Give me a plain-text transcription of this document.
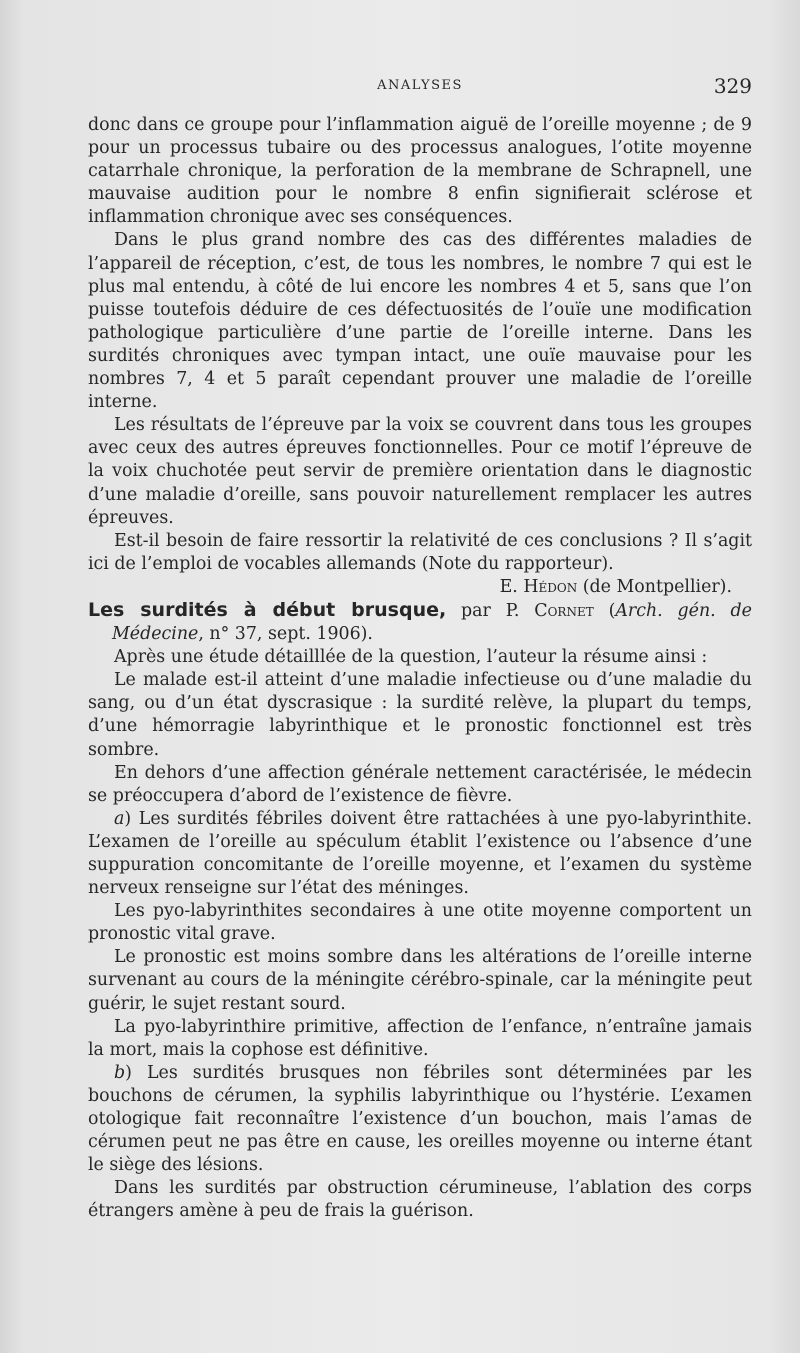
ANALYSES	329

donc dans ce groupe pour l’inflammation aiguë de l’oreille moyenne ; de 9 pour un processus tubaire ou des processus analogues, l’otite moyenne catarrhale chronique, la perforation de la membrane de Schrapnell, une mauvaise audition pour le nombre 8 enfin signifierait sclérose et inflammation chronique avec ses conséquences.

Dans le plus grand nombre des cas des différentes maladies de l’appareil de réception, c’est, de tous les nombres, le nombre 7 qui est le plus mal entendu, à côté de lui encore les nombres 4 et 5, sans que l’on puisse toutefois déduire de ces défectuosités de l’ouïe une modification pathologique particulière d’une partie de l’oreille interne. Dans les surdités chroniques avec tympan intact, une ouïe mauvaise pour les nombres 7, 4 et 5 paraît cependant prouver une maladie de l’oreille interne.

Les résultats de l’épreuve par la voix se couvrent dans tous les groupes avec ceux des autres épreuves fonctionnelles. Pour ce motif l’épreuve de la voix chuchotée peut servir de première orientation dans le diagnostic d’une maladie d’oreille, sans pouvoir naturellement remplacer les autres épreuves.

Est-il besoin de faire ressortir la relativité de ces conclusions ? Il s’agit ici de l’emploi de vocables allemands (Note du rapporteur).

E. Hédon (de Montpellier).

Les surdités à début brusque, par P. Cornet (Arch. gén. de Médecine, n° 37, sept. 1906).

Après une étude détailllée de la question, l’auteur la résume ainsi :

Le malade est-il atteint d’une maladie infectieuse ou d’une maladie du sang, ou d’un état dyscrasique : la surdité relève, la plupart du temps, d’une hémorragie labyrinthique et le pronostic fonctionnel est très sombre.

En dehors d’une affection générale nettement caractérisée, le médecin se préoccupera d’abord de l’existence de fièvre.

a) Les surdités fébriles doivent être rattachées à une pyo-labyrinthite. L’examen de l’oreille au spéculum établit l’existence ou l’absence d’une suppuration concomitante de l’oreille moyenne, et l’examen du système nerveux renseigne sur l’état des méninges.

Les pyo-labyrinthites secondaires à une otite moyenne comportent un pronostic vital grave.

Le pronostic est moins sombre dans les altérations de l’oreille interne survenant au cours de la méningite cérébro-spinale, car la méningite peut guérir, le sujet restant sourd.

La pyo-labyrinthire primitive, affection de l’enfance, n’entraîne jamais la mort, mais la cophose est définitive.

b) Les surdités brusques non fébriles sont déterminées par les bouchons de cérumen, la syphilis labyrinthique ou l’hystérie. L’examen otologique fait reconnaître l’existence d’un bouchon, mais l’amas de cérumen peut ne pas être en cause, les oreilles moyenne ou interne étant le siège des lésions.

Dans les surdités par obstruction cérumineuse, l’ablation des corps étrangers amène à peu de frais la guérison.
